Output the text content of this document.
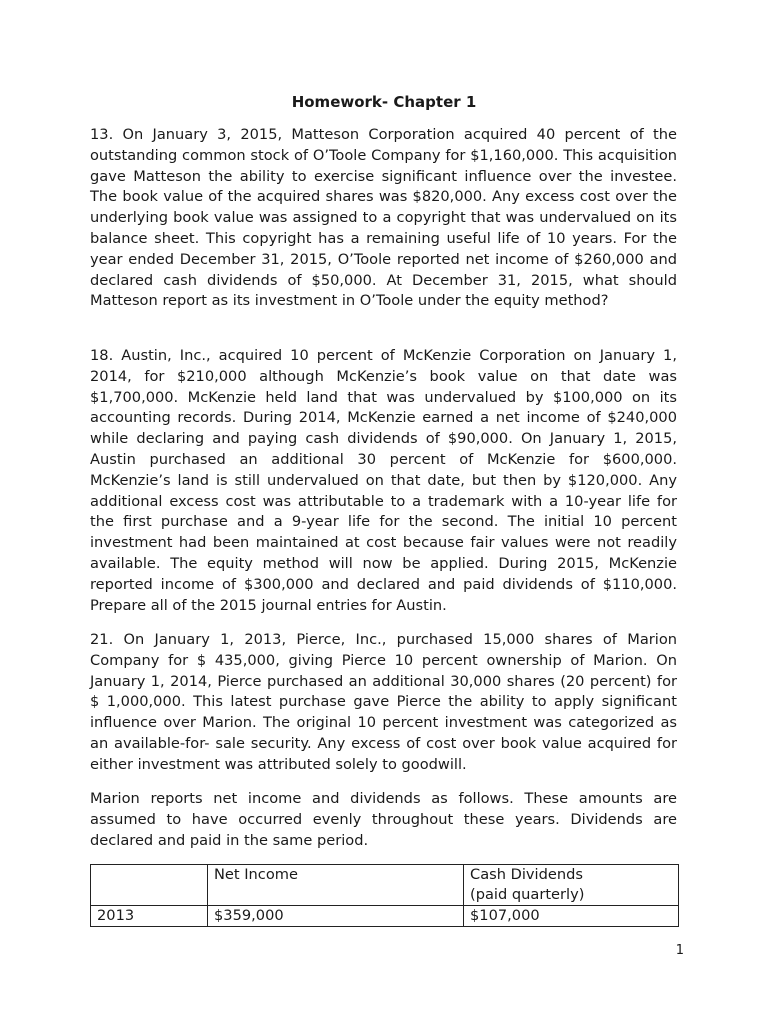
Homework- Chapter 1

13. On January 3, 2015, Matteson Corporation acquired 40 percent of the outstanding common stock of O’Toole Company for $1,160,000. This acquisition gave Matteson the ability to exercise significant influence over the investee. The book value of the acquired shares was $820,000. Any excess cost over the underlying book value was assigned to a copyright that was undervalued on its balance sheet. This copyright has a remaining useful life of 10 years. For the year ended December 31, 2015, O’Toole reported net income of $260,000 and declared cash dividends of $50,000. At December 31, 2015, what should Matteson report as its investment in O’Toole under the equity method?

18. Austin, Inc., acquired 10 percent of McKenzie Corporation on January 1, 2014, for $210,000 although McKenzie’s book value on that date was $1,700,000. McKenzie held land that was undervalued by $100,000 on its accounting records. During 2014, McKenzie earned a net income of $240,000 while declaring and paying cash dividends of $90,000. On January 1, 2015, Austin purchased an additional 30 percent of McKenzie for $600,000. McKenzie’s land is still undervalued on that date, but then by $120,000. Any additional excess cost was attributable to a trademark with a 10-year life for the first purchase and a 9-year life for the second. The initial 10 percent investment had been maintained at cost because fair values were not readily available. The equity method will now be applied. During 2015, McKenzie reported income of $300,000 and declared and paid dividends of $110,000. Prepare all of the 2015 journal entries for Austin.

21. On January 1, 2013, Pierce, Inc., purchased 15,000 shares of Marion Company for $ 435,000, giving Pierce 10 percent ownership of Marion. On January 1, 2014, Pierce purchased an additional 30,000 shares (20 percent) for $ 1,000,000. This latest purchase gave Pierce the ability to apply significant influence over Marion. The original 10 percent investment was categorized as an available-for- sale security. Any excess of cost over book value acquired for either investment was attributed solely to goodwill.

Marion reports net income and dividends as follows. These amounts are assumed to have occurred evenly throughout these years. Dividends are declared and paid in the same period.

	Net Income	Cash Dividends
(paid quarterly)

2013	$359,000	$107,000
1
